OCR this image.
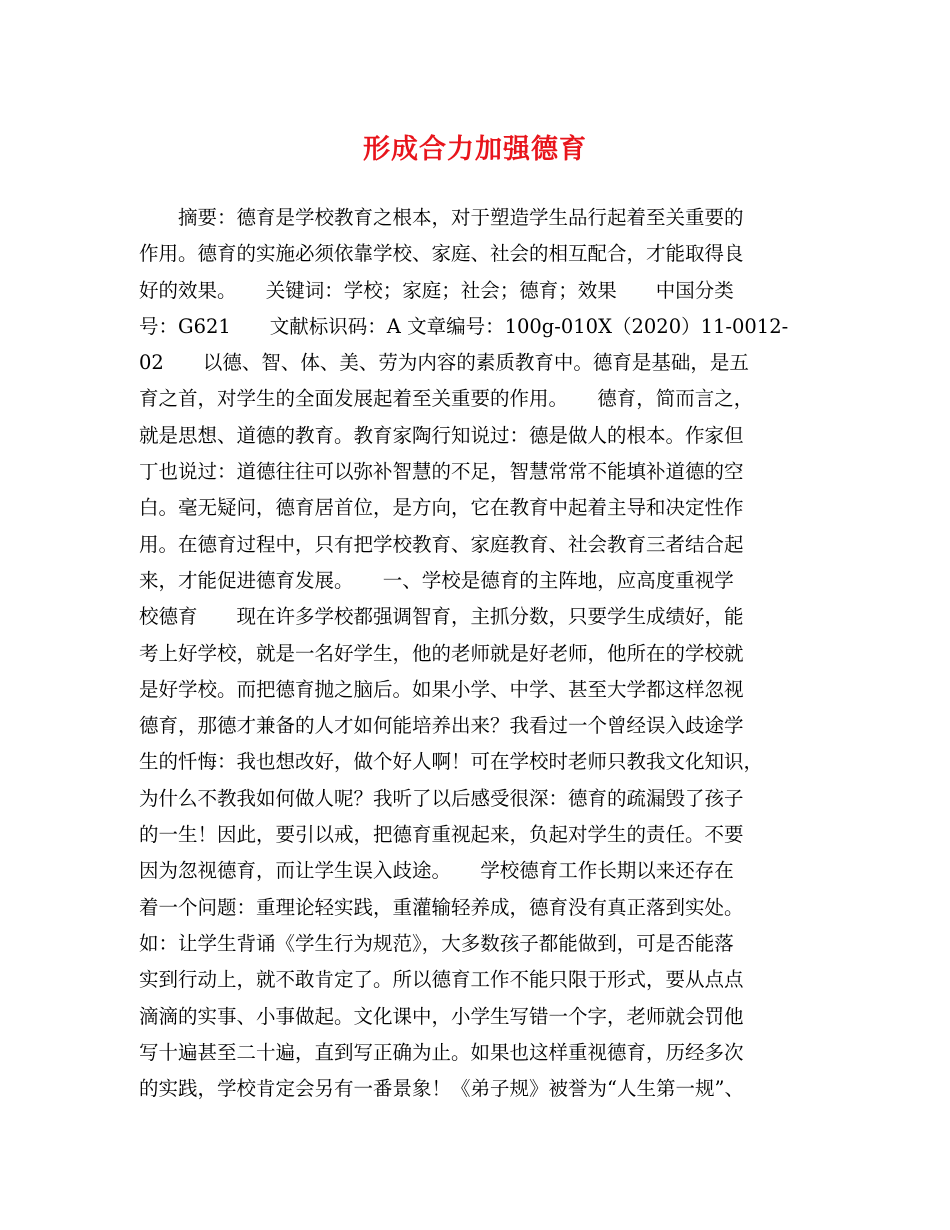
形成合力加强德育
　　摘要：德育是学校教育之根本，对于塑造学生品行起着至关重要的
作用。德育的实施必须依靠学校、家庭、社会的相互配合，才能取得良
好的效果。　　关键词：学校；家庭；社会；德育；效果　　中国分类
号：G621　　文献标识码：A 文章编号：100g-010X（2020）11-0012-
02　　以德、智、体、美、劳为内容的素质教育中。德育是基础，是五
育之首，对学生的全面发展起着至关重要的作用。　　德育，简而言之，
就是思想、道德的教育。教育家陶行知说过：德是做人的根本。作家但
丁也说过：道德往往可以弥补智慧的不足，智慧常常不能填补道德的空
白。毫无疑问，德育居首位，是方向，它在教育中起着主导和决定性作
用。在德育过程中，只有把学校教育、家庭教育、社会教育三者结合起
来，才能促进德育发展。　　一、学校是德育的主阵地，应高度重视学
校德育　　现在许多学校都强调智育，主抓分数，只要学生成绩好，能
考上好学校，就是一名好学生，他的老师就是好老师，他所在的学校就
是好学校。而把德育抛之脑后。如果小学、中学、甚至大学都这样忽视
德育，那德才兼备的人才如何能培养出来？我看过一个曾经误入歧途学
生的忏悔：我也想改好，做个好人啊！可在学校时老师只教我文化知识，
为什么不教我如何做人呢？我听了以后感受很深：德育的疏漏毁了孩子
的一生！因此，要引以戒，把德育重视起来，负起对学生的责任。不要
因为忽视德育，而让学生误入歧途。　　学校德育工作长期以来还存在
着一个问题：重理论轻实践，重灌输轻养成，德育没有真正落到实处。
如：让学生背诵《学生行为规范》，大多数孩子都能做到，可是否能落
实到行动上，就不敢肯定了。所以德育工作不能只限于形式，要从点点
滴滴的实事、小事做起。文化课中，小学生写错一个字，老师就会罚他
写十遍甚至二十遍，直到写正确为止。如果也这样重视德育，历经多次
的实践，学校肯定会另有一番景象！《弟子规》被誉为“人生第一规”、
